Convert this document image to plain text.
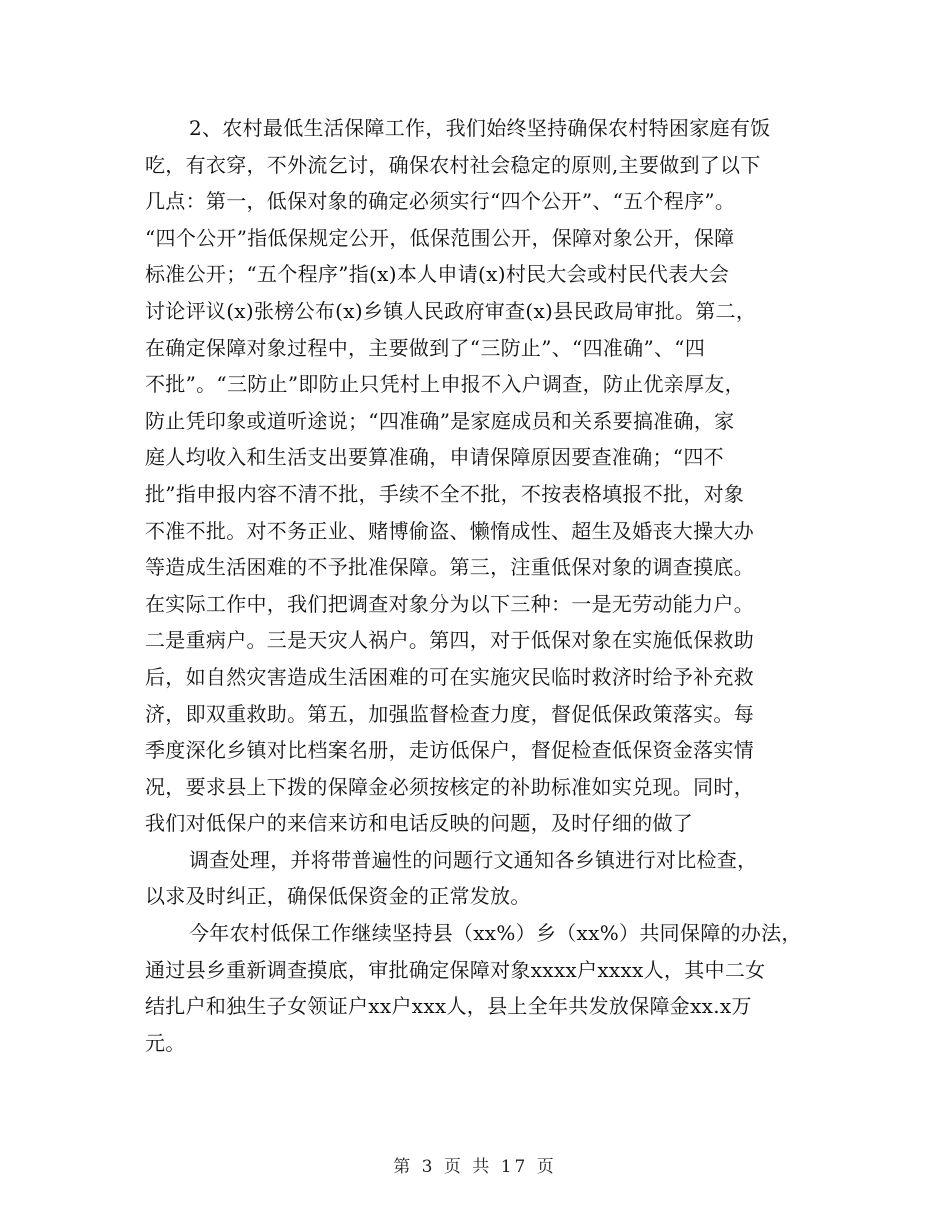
2、农村最低生活保障工作，我们始终坚持确保农村特困家庭有饭
吃，有衣穿，不外流乞讨，确保农村社会稳定的原则,主要做到了以下
几点：第一，低保对象的确定必须实行“四个公开”、“五个程序”。
“四个公开”指低保规定公开，低保范围公开，保障对象公开，保障
标准公开；“五个程序”指(x)本人申请(x)村民大会或村民代表大会
讨论评议(x)张榜公布(x)乡镇人民政府审查(x)县民政局审批。第二，
在确定保障对象过程中，主要做到了“三防止”、“四准确”、“四
不批”。“三防止”即防止只凭村上申报不入户调查，防止优亲厚友，
防止凭印象或道听途说；“四准确”是家庭成员和关系要搞准确，家
庭人均收入和生活支出要算准确，申请保障原因要查准确；“四不
批”指申报内容不清不批，手续不全不批，不按表格填报不批，对象
不准不批。对不务正业、赌博偷盗、懒惰成性、超生及婚丧大操大办
等造成生活困难的不予批准保障。第三，注重低保对象的调查摸底。
在实际工作中，我们把调查对象分为以下三种：一是无劳动能力户。
二是重病户。三是天灾人祸户。第四，对于低保对象在实施低保救助
后，如自然灾害造成生活困难的可在实施灾民临时救济时给予补充救
济，即双重救助。第五，加强监督检查力度，督促低保政策落实。每
季度深化乡镇对比档案名册，走访低保户，督促检查低保资金落实情
况，要求县上下拨的保障金必须按核定的补助标准如实兑现。同时，
我们对低保户的来信来访和电话反映的问题，及时仔细的做了
调查处理，并将带普遍性的问题行文通知各乡镇进行对比检查，
以求及时纠正，确保低保资金的正常发放。
今年农村低保工作继续坚持县（xx%）乡（xx%）共同保障的办法，
通过县乡重新调查摸底，审批确定保障对象xxxx户xxxx人，其中二女
结扎户和独生子女领证户xx户xxx人，县上全年共发放保障金xx.x万
元。
第 3 页 共 17 页
